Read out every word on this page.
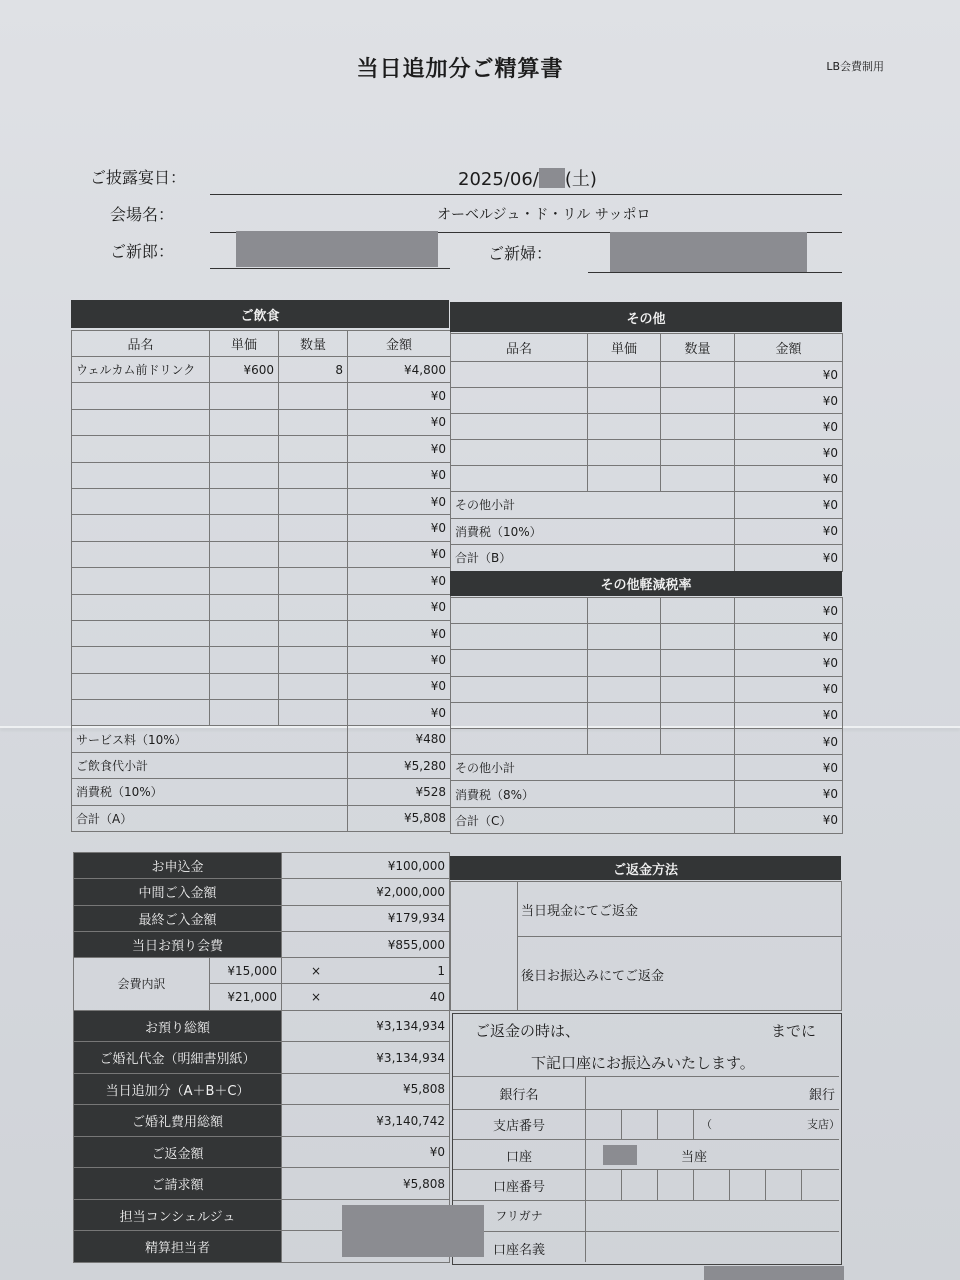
当日追加分ご精算書	LB会費制用
ご披露宴日：	2025/06/ (土)
会場名：	オーベルジュ・ド・リル サッポロ
ご新郎：	ご新婦：
ご飲食
品名	単価	数量	金額
ウェルカム前ドリンク	¥600	8	¥4,800
			¥0
			¥0
			¥0
			¥0
			¥0
			¥0
			¥0
			¥0
			¥0
			¥0
			¥0
			¥0
			¥0
サービス料（10%）			¥480
ご飲食代小計			¥5,280
消費税（10%）			¥528
合計（A）			¥5,808
その他
品名	単価	数量	金額
			¥0
			¥0
			¥0
			¥0
			¥0
その他小計			¥0
消費税（10%）			¥0
合計（B）			¥0
その他軽減税率
			¥0
			¥0
			¥0
			¥0
			¥0
			¥0
その他小計			¥0
消費税（8%）			¥0
合計（C）			¥0
お申込金		¥100,000
中間ご入金額		¥2,000,000
最終ご入金額		¥179,934
当日お預り会費		¥855,000
会費内訳	¥15,000	× 1

	¥21,000	× 40

お預り総額		¥3,134,934
ご婚礼代金（明細書別紙）		¥3,134,934
当日追加分（A＋B＋C）		¥5,808
ご婚礼費用総額		¥3,140,742
ご返金額		¥0
ご請求額		¥5,808
担当コンシェルジュ		
精算担当者		
ご返金方法
当日現金にてご返金
後日お振込みにてご返金
ご返金の時は、	までに
下記口座にお振込みいたします。
銀行名	銀行
支店番号	（	支店）
口座	当座
口座番号
フリガナ
口座名義
